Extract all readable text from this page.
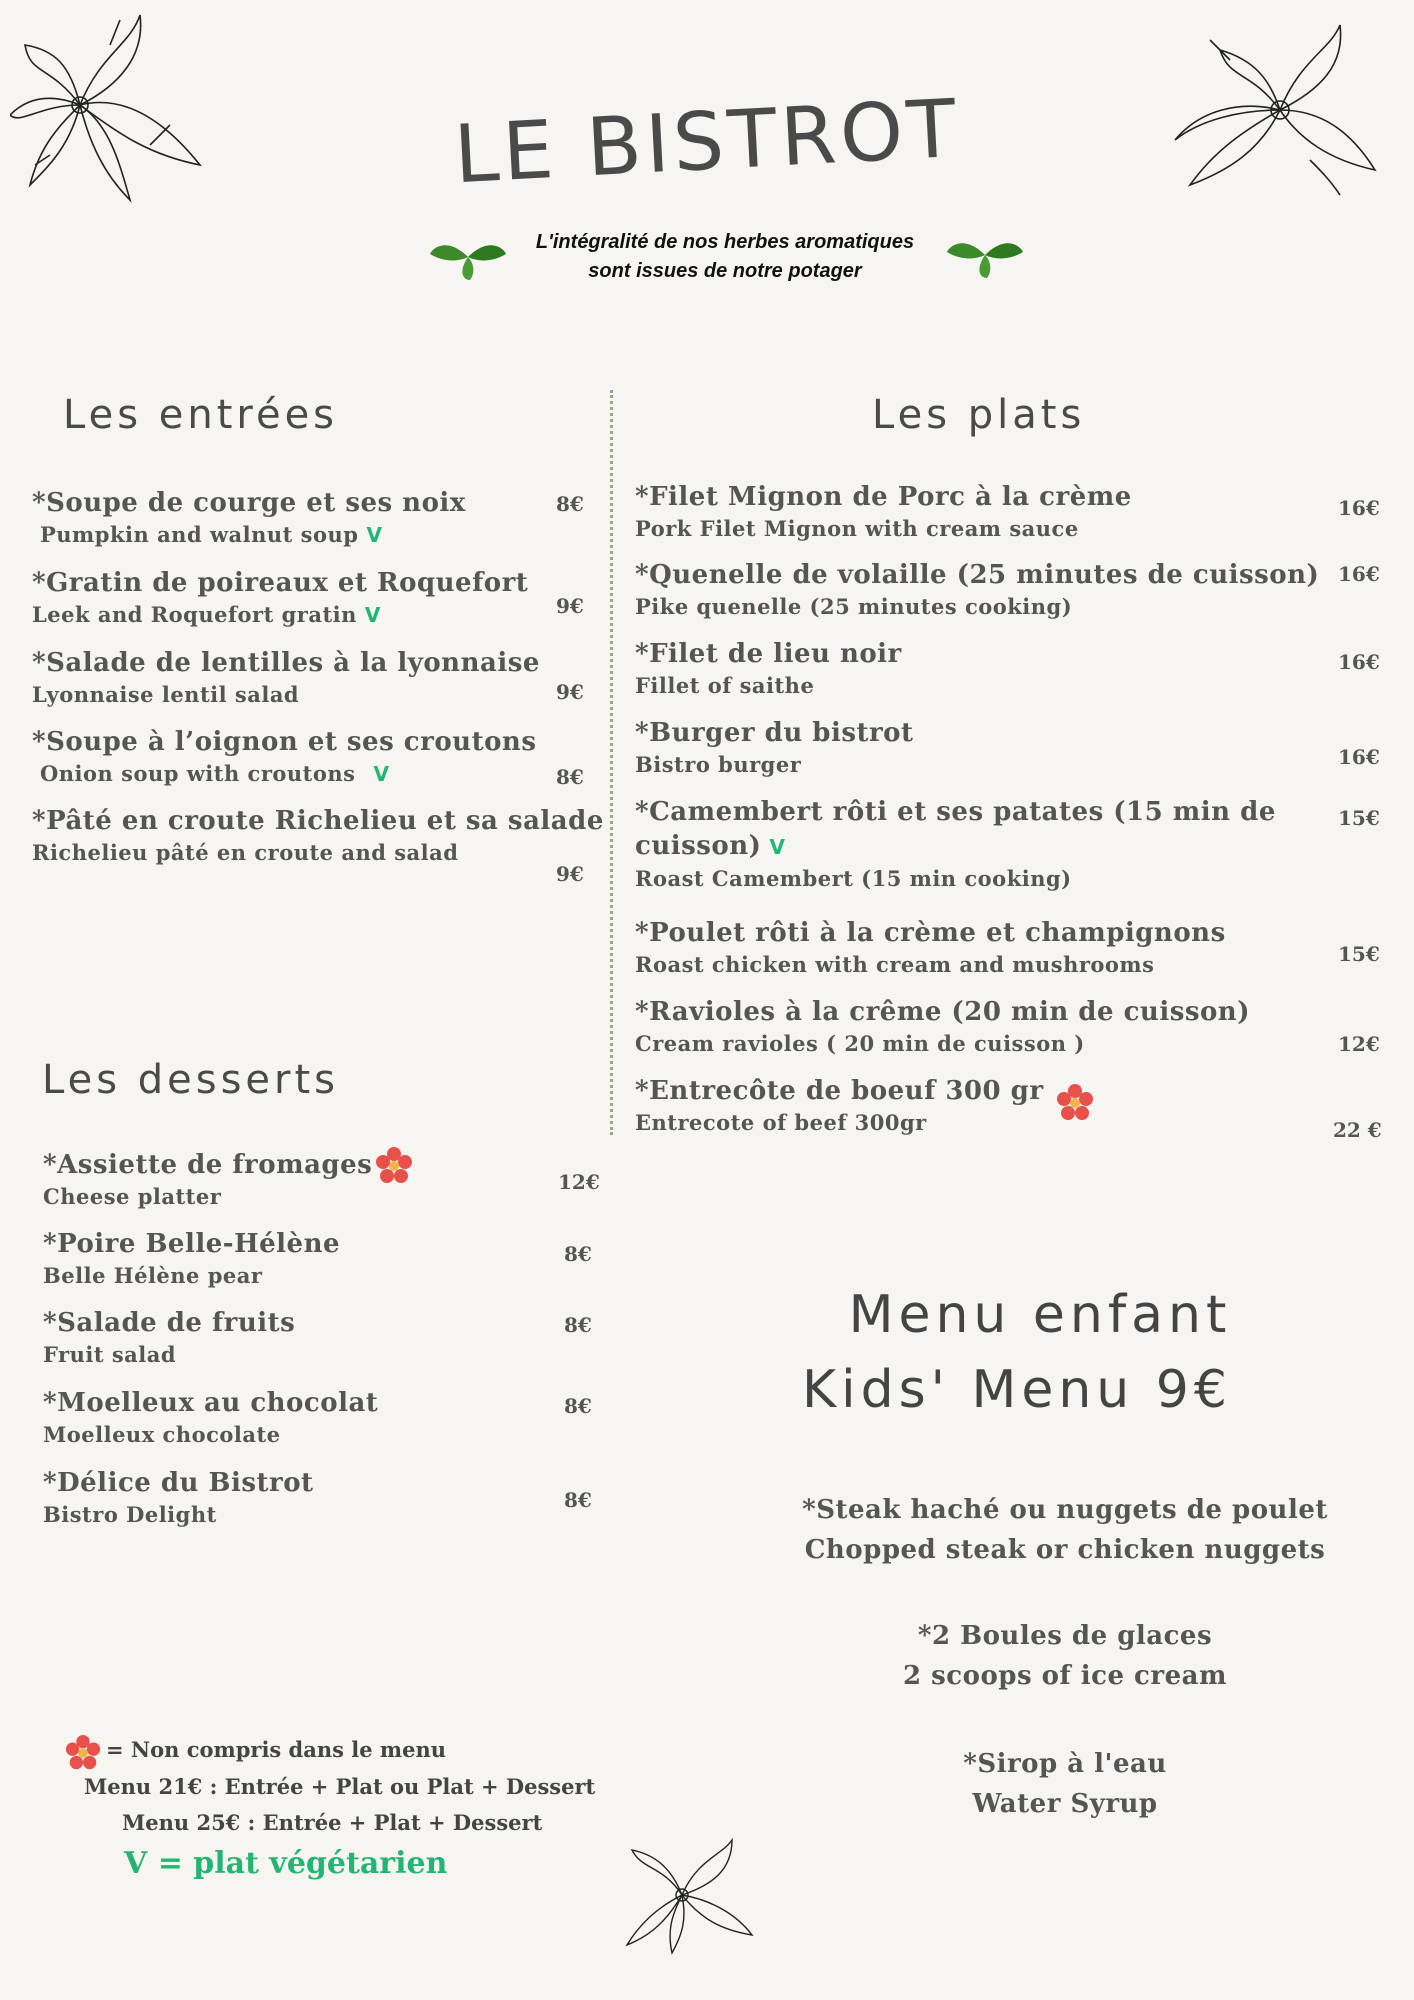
LE BISTROT
L'intégralité de nos herbes aromatiques
sont issues de notre potager
Les entrées	Les plats
Les desserts
*Soupe de courge et ses noix
Pumpkin and walnut soup V
8€
*Gratin de poireaux et Roquefort
Leek and Roquefort gratin V	9€
*Salade de lentilles à la lyonnaise
Lyonnaise lentil salad	9€
*Soupe à l’oignon et ses croutons
Onion soup with croutons V	8€
*Pâté en croute Richelieu et sa salade
Richelieu pâté en croute and salad
9€
*Filet Mignon de Porc à la crème
Pork Filet Mignon with cream sauce
16€
*Quenelle de volaille (25 minutes de cuisson)
Pike quenelle (25 minutes cooking)
16€
*Filet de lieu noir
Fillet of saithe
16€
*Burger du bistrot
Bistro burger	16€
*Camembert rôti et ses patates (15 min de
cuisson) V
Roast Camembert (15 min cooking)
15€
*Poulet rôti à la crème et champignons
Roast chicken with cream and mushrooms	15€
*Ravioles à la crême (20 min de cuisson)
Cream ravioles ( 20 min de cuisson )	12€
*Entrecôte de boeuf 300 gr
Entrecote of beef 300gr	22 €
*Assiette de fromages
Cheese platter
12€
*Poire Belle-Hélène
Belle Hélène pear
8€
*Salade de fruits
Fruit salad
8€
*Moelleux au chocolat
Moelleux chocolate
8€
*Délice du Bistrot
Bistro Delight
8€
Menu enfant
Kids' Menu 9€
*Steak haché ou nuggets de poulet
Chopped steak or chicken nuggets
*2 Boules de glaces
2 scoops of ice cream
*Sirop à l'eau
Water Syrup
= Non compris dans le menu
Menu 21€ : Entrée + Plat ou Plat + Dessert
Menu 25€ : Entrée + Plat + Dessert
V = plat végétarien
